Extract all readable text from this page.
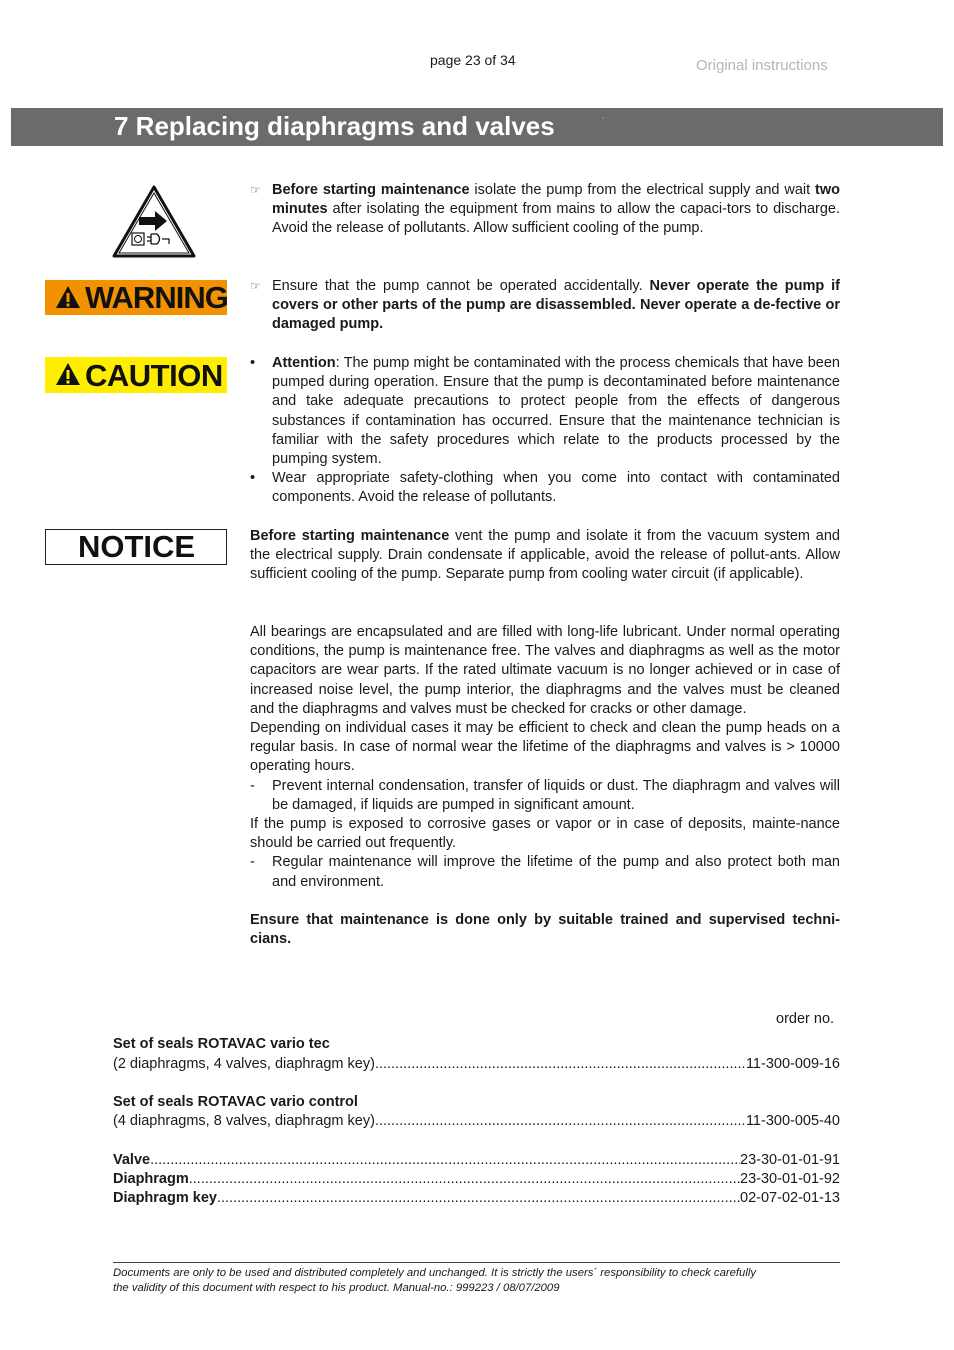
page 23 of 34	Original instructions
7 Replacing diaphragms and valves	`
WARNING
CAUTION
NOTICE
☞ Before starting maintenance isolate the pump from the electrical supply and wait two minutes after isolating the equipment from mains to allow the capaci-tors to discharge. Avoid the release of pollutants. Allow sufficient cooling of the pump.
☞ Ensure that the pump cannot be operated accidentally. Never operate the pump if covers or other parts of the pump are disassembled. Never operate a de-fective or damaged pump.
• Attention: The pump might be contaminated with the process chemicals that have been pumped during operation. Ensure that the pump is decontaminated before maintenance and take adequate precautions to protect people from the effects of dangerous substances if contamination has occurred. Ensure that the maintenance technician is familiar with the safety procedures which relate to the products processed by the pumping system.
• Wear appropriate safety-clothing when you come into contact with contaminated components. Avoid the release of pollutants.
Before starting maintenance vent the pump and isolate it from the vacuum system and the electrical supply. Drain condensate if applicable, avoid the release of pollut-ants. Allow sufficient cooling of the pump. Separate pump from cooling water circuit (if applicable).
All bearings are encapsulated and are filled with long-life lubricant. Under normal operating conditions, the pump is maintenance free. The valves and diaphragms as well as the motor capacitors are wear parts. If the rated ultimate vacuum is no longer achieved or in case of increased noise level, the pump interior, the diaphragms and the valves must be cleaned and the diaphragms and valves must be checked for cracks or other damage.
Depending on individual cases it may be efficient to check and clean the pump heads on a regular basis. In case of normal wear the lifetime of the diaphragms and valves is > 10000 operating hours.
- Prevent internal condensation, transfer of liquids or dust. The diaphragm and valves will be damaged, if liquids are pumped in significant amount.
If the pump is exposed to corrosive gases or vapor or in case of deposits, mainte-nance should be carried out frequently.
- Regular maintenance will improve the lifetime of the pump and also protect both man and environment.
Ensure that maintenance is done only by suitable trained and supervised techni-cians.
order no.
Set of seals ROTAVAC vario tec
(2 diaphragms, 4 valves, diaphragm key) .....	11-300-009-16
Set of seals ROTAVAC vario control
(4 diaphragms, 8 valves, diaphragm key) .....	11-300-005-40
Valve .....	23-30-01-01-91
Diaphragm .....	23-30-01-01-92
Diaphragm key .....	02-07-02-01-13
Documents are only to be used and distributed completely and unchanged. It is strictly the users´ responsibility to check carefully
the validity of this document with respect to his product. Manual-no.: 999223 / 08/07/2009
